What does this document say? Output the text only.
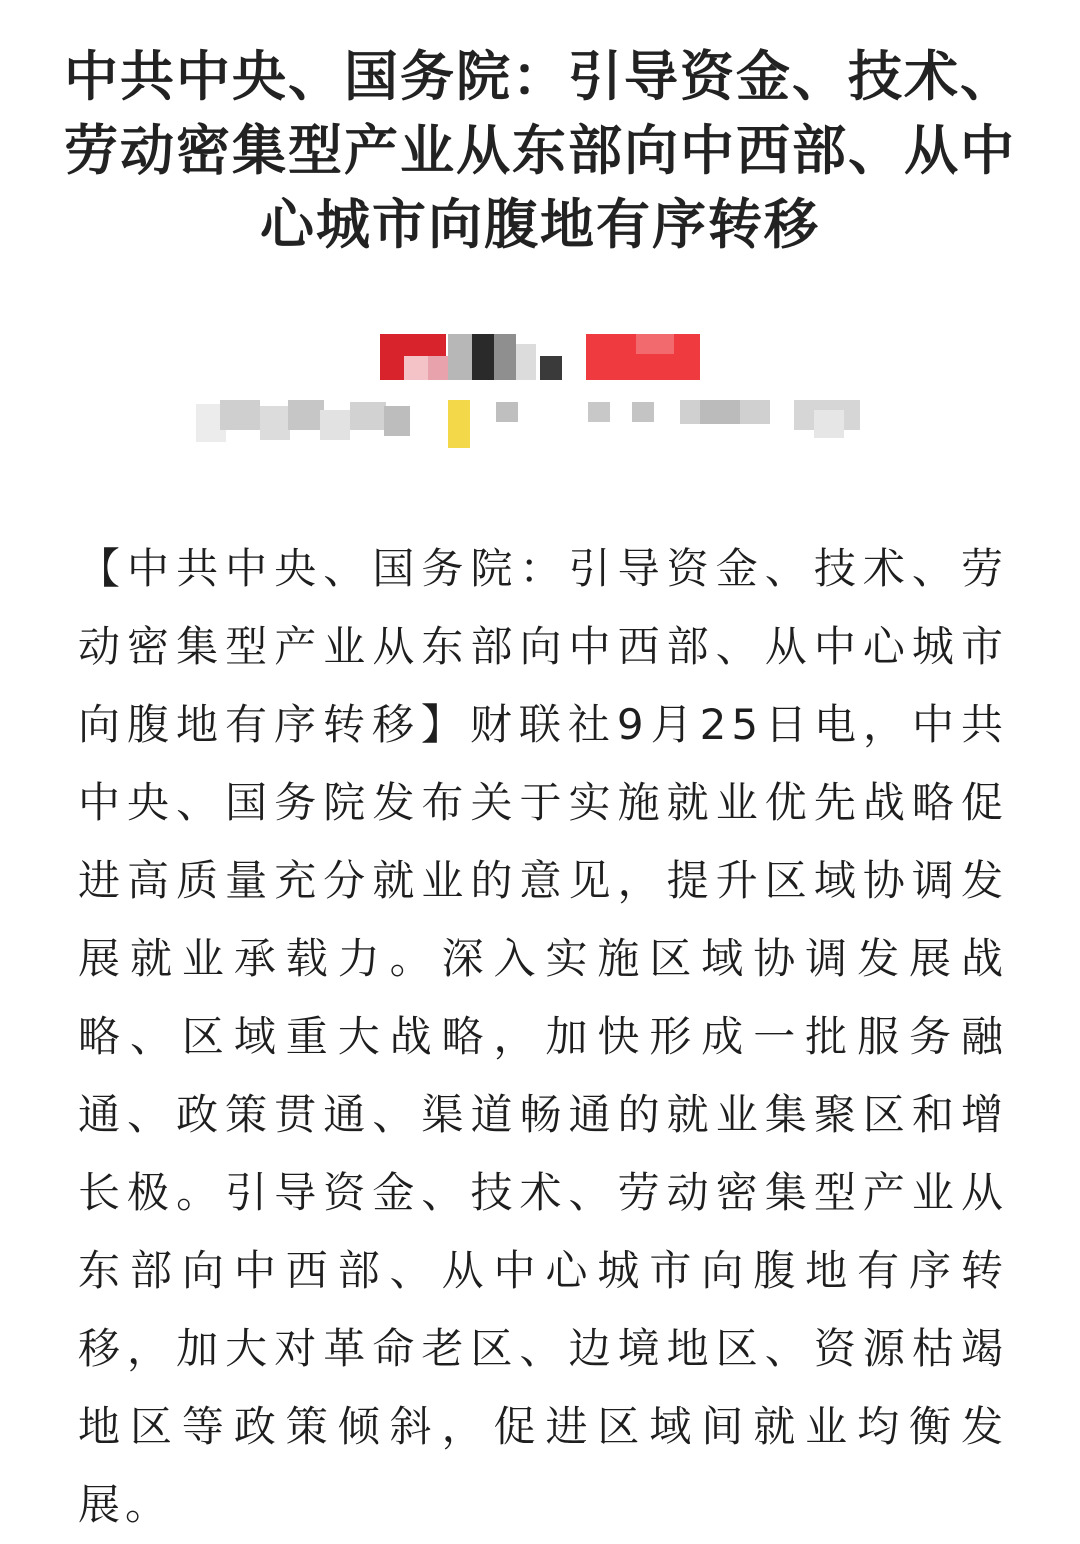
中共中央、国务院：引导资金、技术、劳动密集型产业从东部向中西部、从中心城市向腹地有序转移

【中共中央、国务院：引导资金、技术、劳动密集型产业从东部向中西部、从中心城市向腹地有序转移】财联社9月25日电，中共中央、国务院发布关于实施就业优先战略促进高质量充分就业的意见，提升区域协调发展就业承载力。深入实施区域协调发展战略、区域重大战略，加快形成一批服务融通、政策贯通、渠道畅通的就业集聚区和增长极。引导资金、技术、劳动密集型产业从东部向中西部、从中心城市向腹地有序转移，加大对革命老区、边境地区、资源枯竭地区等政策倾斜，促进区域间就业均衡发展。
